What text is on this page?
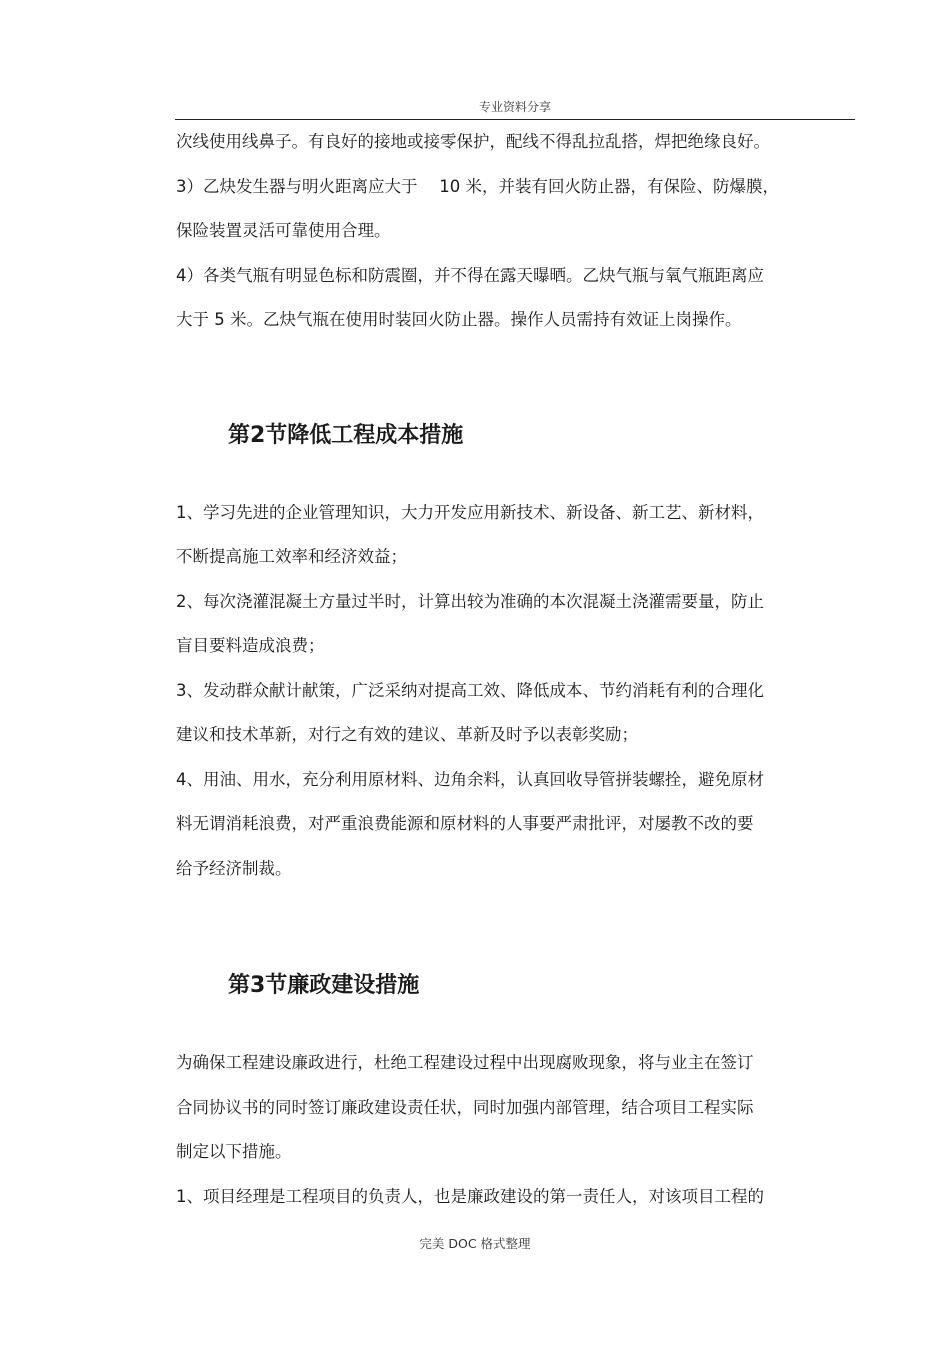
专业资料分享
次线使用线鼻子。有良好的接地或接零保护，配线不得乱拉乱搭，焊把绝缘良好。
3）乙炔发生器与明火距离应大于　 10 米，并装有回火防止器，有保险、防爆膜，
保险装置灵活可靠使用合理。
4）各类气瓶有明显色标和防震圈，并不得在露天曝晒。乙炔气瓶与氧气瓶距离应
大于 5 米。乙炔气瓶在使用时装回火防止器。操作人员需持有效证上岗操作。
第2节降低工程成本措施
1、学习先进的企业管理知识，大力开发应用新技术、新设备、新工艺、新材料，
不断提高施工效率和经济效益；
2、每次浇灌混凝土方量过半时，计算出较为准确的本次混凝土浇灌需要量，防止
盲目要料造成浪费；
3、发动群众献计献策，广泛采纳对提高工效、降低成本、节约消耗有利的合理化
建议和技术革新，对行之有效的建议、革新及时予以表彰奖励；
4、用油、用水，充分利用原材料、边角余料，认真回收导管拼装螺拴，避免原材
料无谓消耗浪费，对严重浪费能源和原材料的人事要严肃批评，对屡教不改的要
给予经济制裁。
第3节廉政建设措施
为确保工程建设廉政进行，杜绝工程建设过程中出现腐败现象，将与业主在签订
合同协议书的同时签订廉政建设责任状，同时加强内部管理，结合项目工程实际
制定以下措施。
1、项目经理是工程项目的负责人，也是廉政建设的第一责任人，对该项目工程的
完美 DOC 格式整理
